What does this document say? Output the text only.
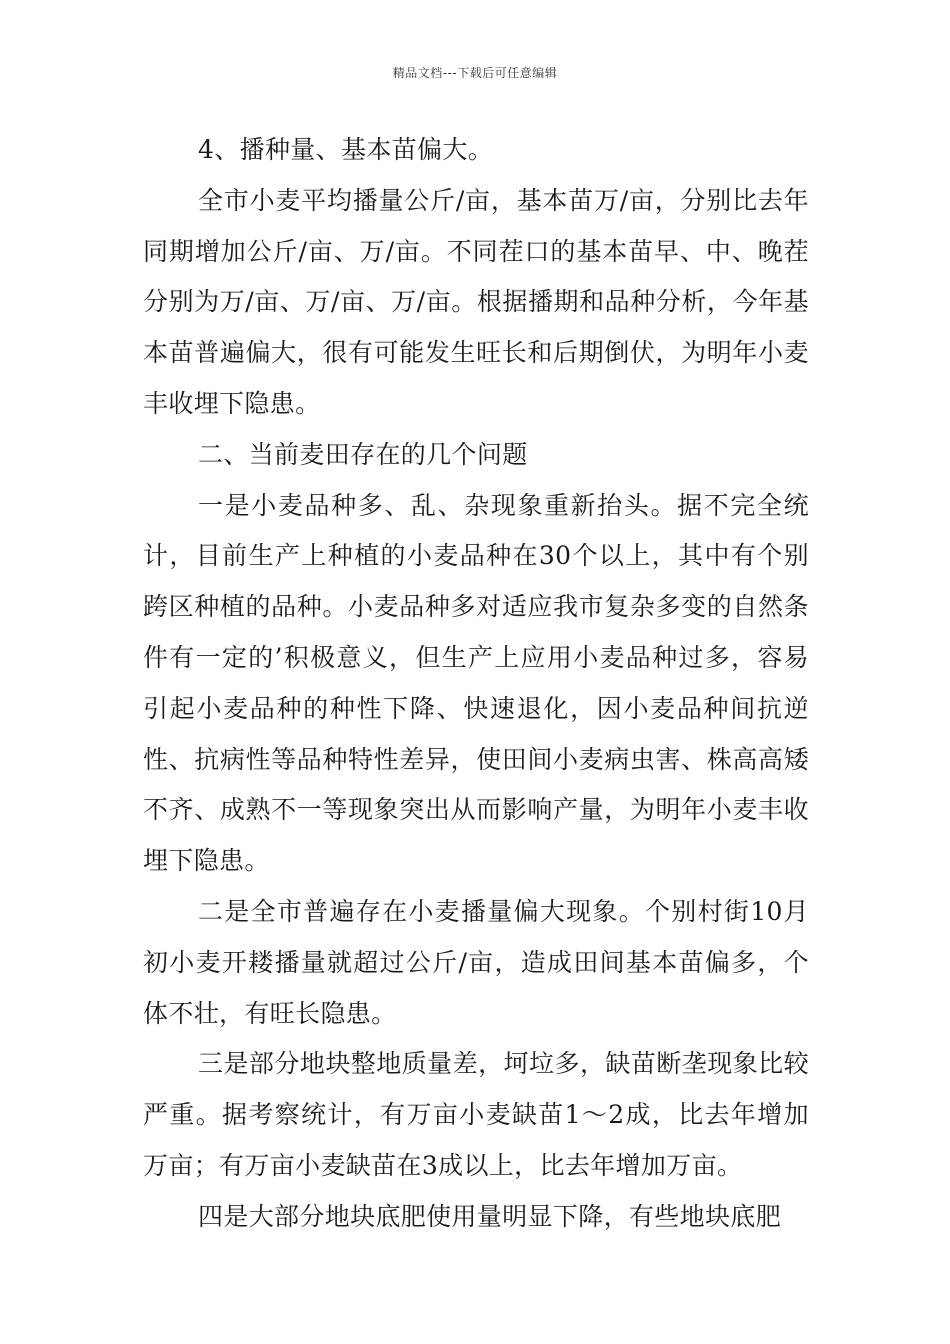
精品文档---下载后可任意编辑

4、播种量、基本苗偏大。

全市小麦平均播量公斤/亩，基本苗万/亩，分别比去年同期增加公斤/亩、万/亩。不同茬口的基本苗早、中、晚茬分别为万/亩、万/亩、万/亩。根据播期和品种分析，今年基本苗普遍偏大，很有可能发生旺长和后期倒伏，为明年小麦丰收埋下隐患。

二、当前麦田存在的几个问题

一是小麦品种多、乱、杂现象重新抬头。据不完全统计，目前生产上种植的小麦品种在30个以上，其中有个别跨区种植的品种。小麦品种多对适应我市复杂多变的自然条件有一定的’积极意义，但生产上应用小麦品种过多，容易引起小麦品种的种性下降、快速退化，因小麦品种间抗逆性、抗病性等品种特性差异，使田间小麦病虫害、株高高矮不齐、成熟不一等现象突出从而影响产量，为明年小麦丰收埋下隐患。

二是全市普遍存在小麦播量偏大现象。个别村街10月初小麦开耧播量就超过公斤/亩，造成田间基本苗偏多，个体不壮，有旺长隐患。

三是部分地块整地质量差，坷垃多，缺苗断垄现象比较严重。据考察统计，有万亩小麦缺苗1～2成，比去年增加万亩；有万亩小麦缺苗在3成以上，比去年增加万亩。

四是大部分地块底肥使用量明显下降，有些地块底肥
